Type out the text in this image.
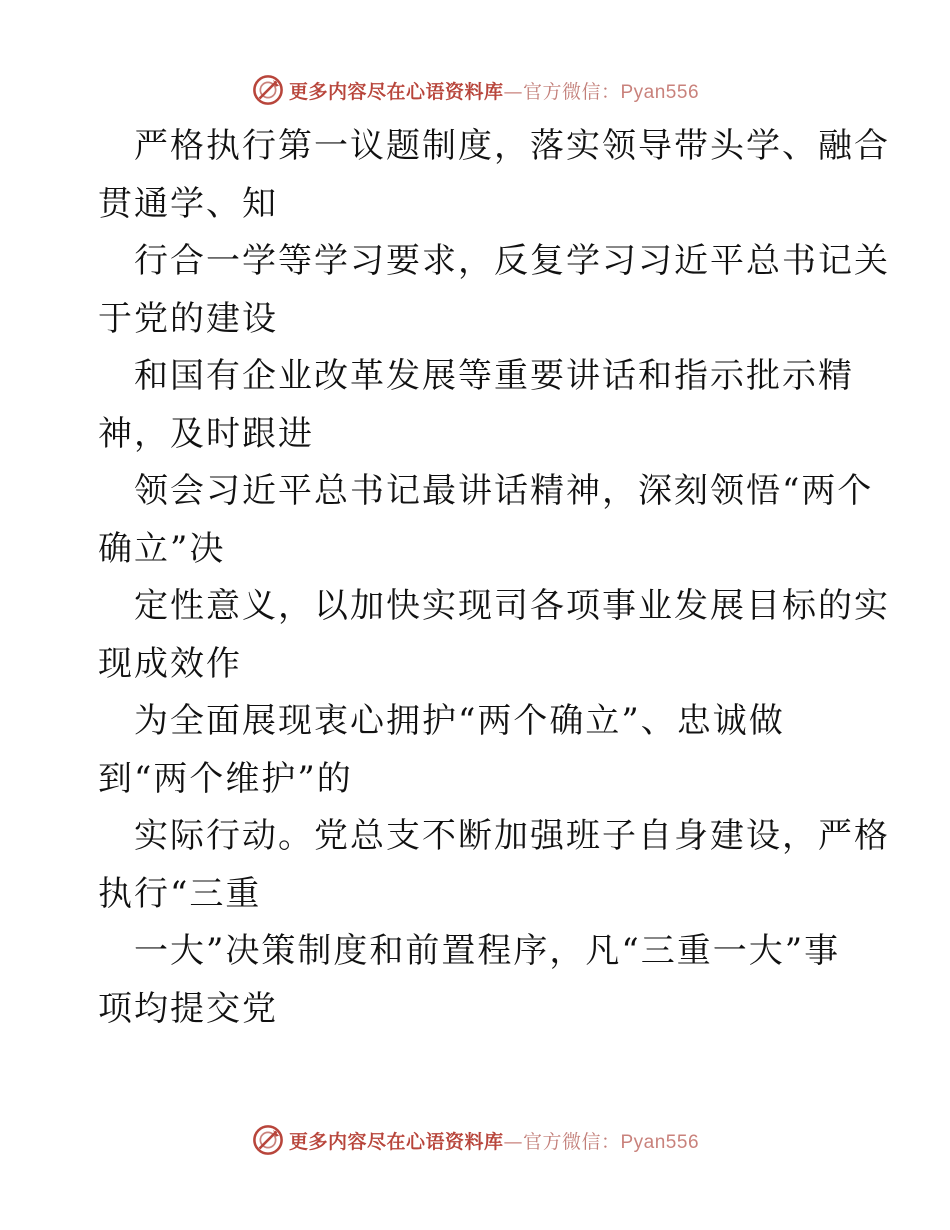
更多内容尽在心语资料库—官方微信：Pyan556
严格执行第一议题制度，落实领导带头学、融合
贯通学、知
行合一学等学习要求，反复学习习近平总书记关
于党的建设
和国有企业改革发展等重要讲话和指示批示精
神，及时跟进
领会习近平总书记最讲话精神，深刻领悟“两个
确立”决
定性意义，以加快实现司各项事业发展目标的实
现成效作
为全面展现衷心拥护“两个确立”、忠诚做
到“两个维护”的
实际行动。党总支不断加强班子自身建设，严格
执行“三重
一大”决策制度和前置程序，凡“三重一大”事
项均提交党
更多内容尽在心语资料库—官方微信：Pyan556
